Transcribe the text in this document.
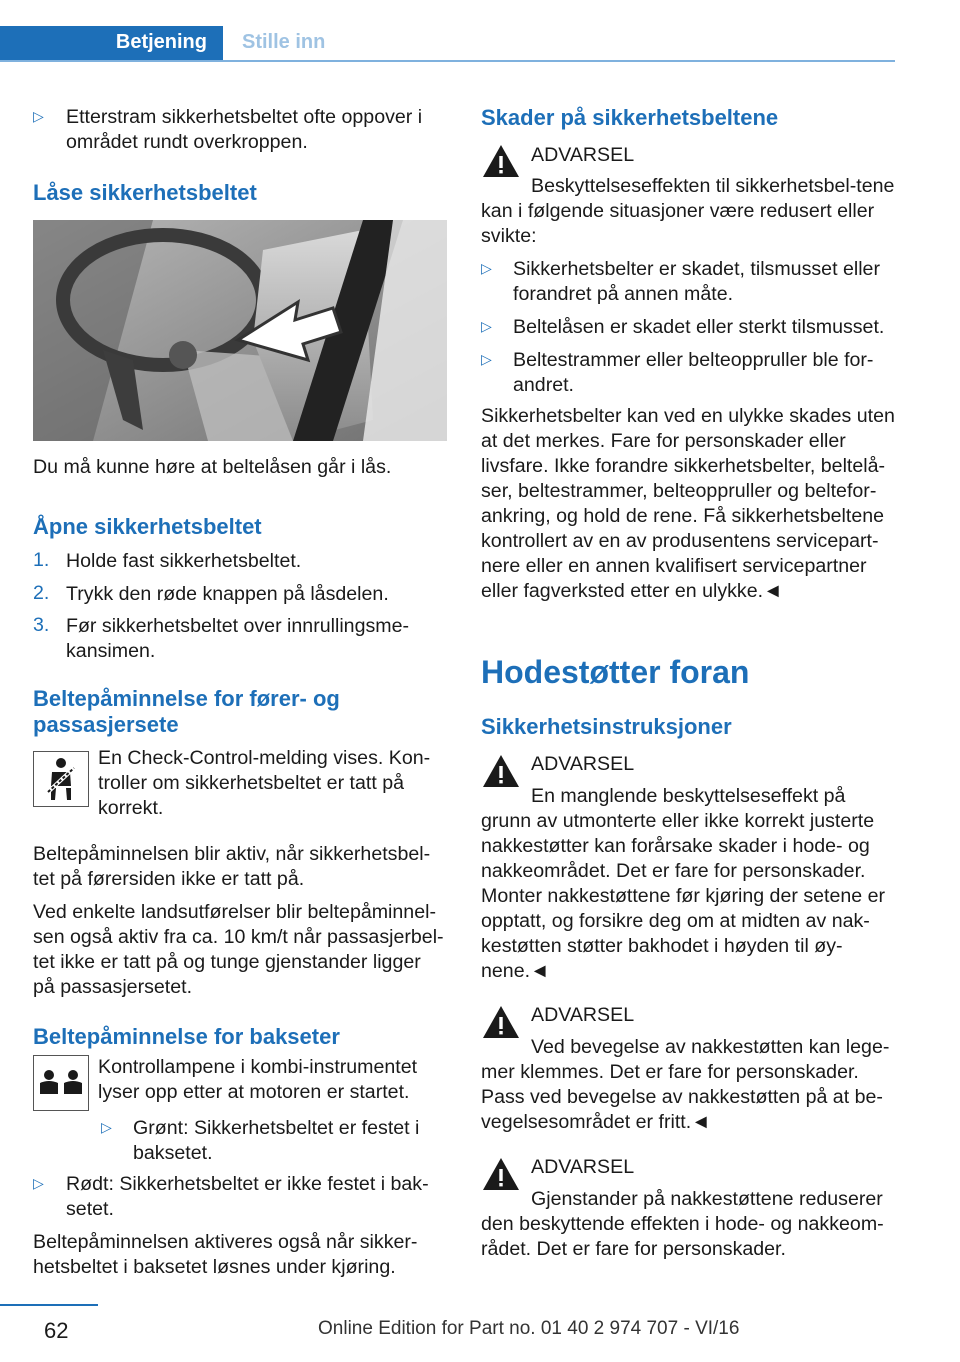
Betjening Stille inn
▷ Etterstram sikkerhetsbeltet ofte oppover i området rundt overkroppen.

Låse sikkerhetsbeltet

Du må kunne høre at beltelåsen går i lås.

Åpne sikkerhetsbeltet
1. Holde fast sikkerhetsbeltet.

2. Trykk den røde knappen på låsdelen.

3. Før sikkerhetsbeltet over innrullingsme-kansimen.

Beltepåminnelse for fører- og passasjersete

En Check-Control-melding vises. Kon-troller om sikkerhetsbeltet er tatt på korrekt.

Beltepåminnelsen blir aktiv, når sikkerhetsbel-tet på førersiden ikke er tatt på.

Ved enkelte landsutførelser blir beltepåminnel-sen også aktiv fra ca. 10 km/t når passasjerbel-tet ikke er tatt på og tunge gjenstander ligger på passasjersetet.

Beltepåminnelse for bakseter

Kontrollampene i kombi-instrumentet lyser opp etter at motoren er startet.

▷ Grønt: Sikkerhetsbeltet er festet i baksetet.

▷ Rødt: Sikkerhetsbeltet er ikke festet i bak-setet.

Beltepåminnelsen aktiveres også når sikker-hetsbeltet i baksetet løsnes under kjøring.

Skader på sikkerhetsbeltene

ADVARSEL

Beskyttelseseffekten til sikkerhetsbel-tene kan i følgende situasjoner være redusert eller svikte:

▷ Sikkerhetsbelter er skadet, tilsmusset eller forandret på annen måte.

▷ Beltelåsen er skadet eller sterkt tilsmusset.

▷ Beltestrammer eller belteoppruller ble for-andret.

Sikkerhetsbelter kan ved en ulykke skades uten at det merkes. Fare for personskader eller livsfare. Ikke forandre sikkerhetsbelter, beltelå-ser, beltestrammer, belteoppruller og beltefor-ankring, og hold de rene. Få sikkerhetsbeltene kontrollert av en av produsentens servicepart-nere eller en annen kvalifisert servicepartner eller fagverksted etter en ulykke.◄

Hodestøtter foran
Sikkerhetsinstruksjoner

ADVARSEL

En manglende beskyttelseseffekt på grunn av utmonterte eller ikke korrekt justerte nakkestøtter kan forårsake skader i hode- og nakkeområdet. Det er fare for personskader. Monter nakkestøttene før kjøring der setene er opptatt, og forsikre deg om at midten av nak-kestøtten støtter bakhodet i høyden til øy-nene.◄

ADVARSEL

Ved bevegelse av nakkestøtten kan lege-mer klemmes. Det er fare for personskader. Pass ved bevegelse av nakkestøtten på at be-vegelsesområdet er fritt.◄

ADVARSEL

Gjenstander på nakkestøttene reduserer den beskyttende effekten i hode- og nakkeom-rådet. Det er fare for personskader.

62	Online Edition for Part no. 01 40 2 974 707 - VI/16
